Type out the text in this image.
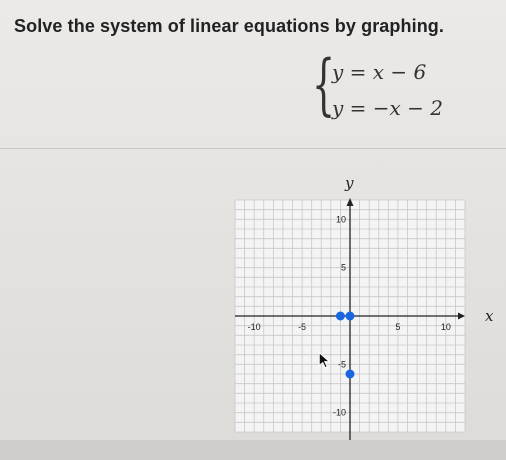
Solve the system of linear equations by graphing.
{
y = x − 6
y = −x − 2
x
y
-10	-5	5	10
10
5
-5
-10
